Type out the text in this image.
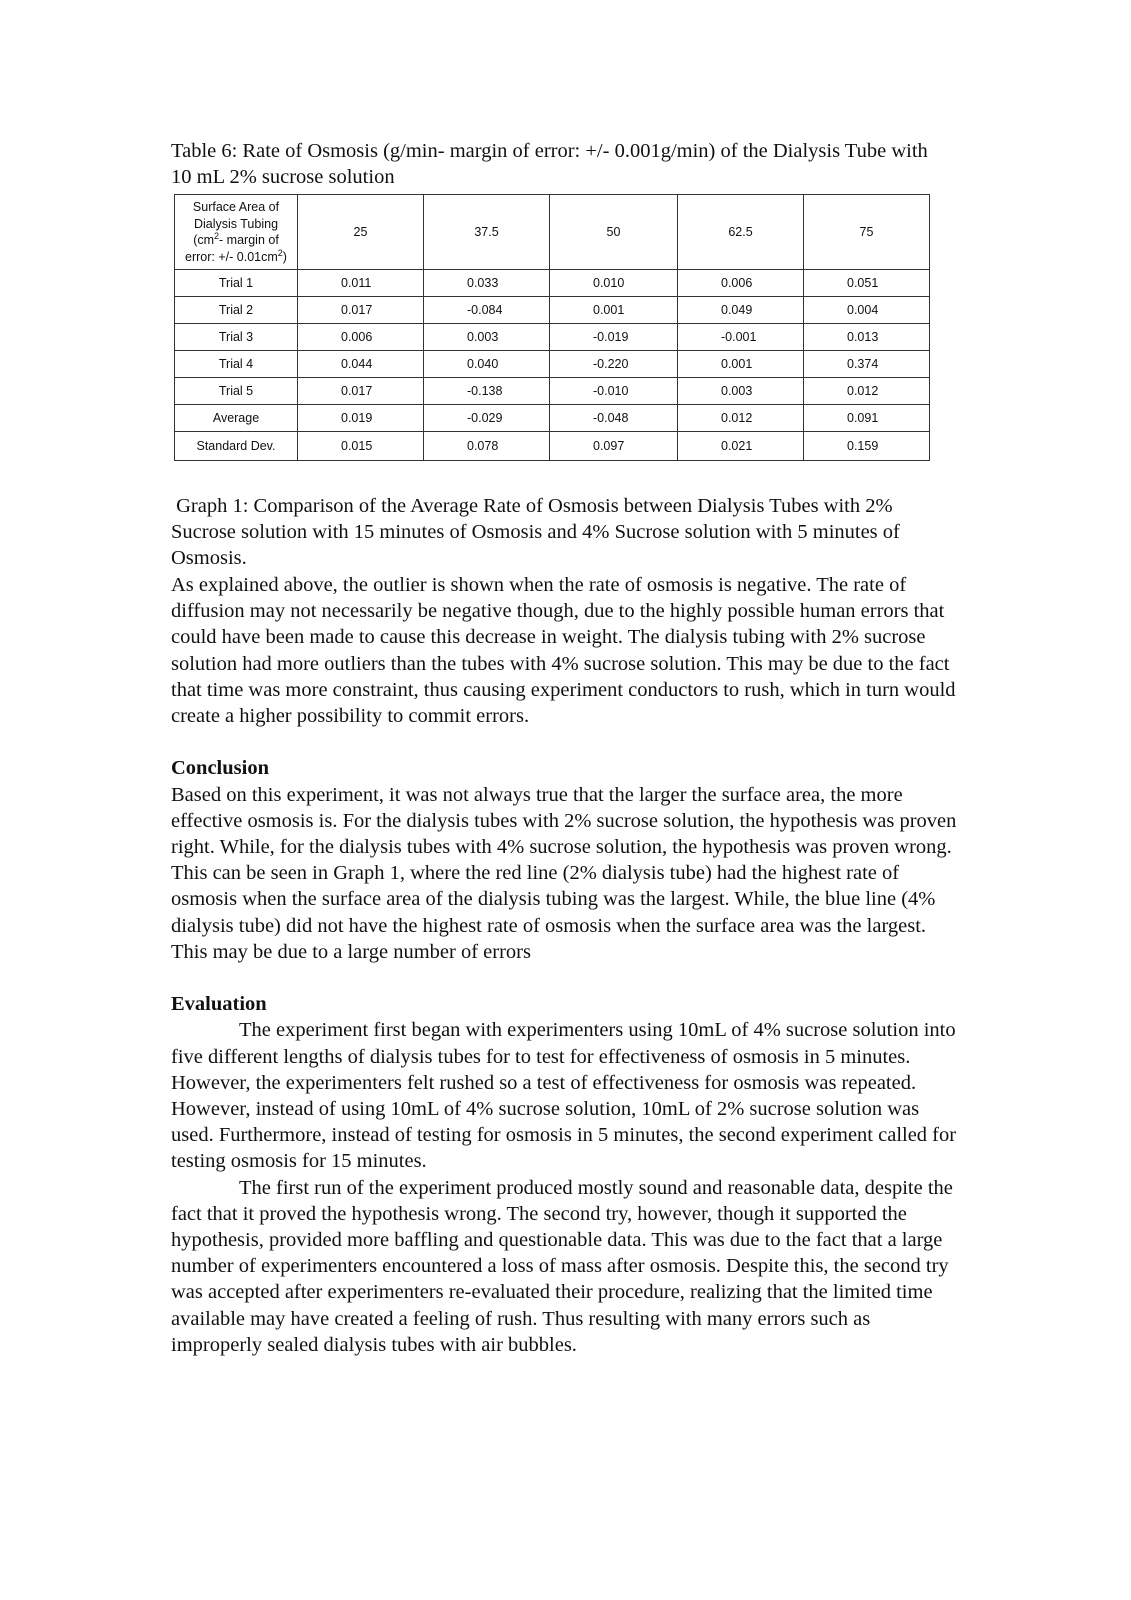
Table 6: Rate of Osmosis (g/min- margin of error: +/- 0.001g/min) of the Dialysis Tube with 10 mL 2% sucrose solution

Surface Area of
Dialysis Tubing
($cm^2-$ margin of
error: +/- $0.01cm^2$)	25	37.5	50	62.5	75
Trial 1	0.011	0.033	0.010	0.006	0.051
Trial 2	0.017	-0.084	0.001	0.049	0.004
Trial 3	0.006	0.003	-0.019	-0.001	0.013
Trial 4	0.044	0.040	-0.220	0.001	0.374
Trial 5	0.017	-0.138	-0.010	0.003	0.012
Average	0.019	-0.029	-0.048	0.012	0.091
Standard Dev.	0.015	0.078	0.097	0.021	0.159

Graph 1: Comparison of the Average Rate of Osmosis between Dialysis Tubes with 2% Sucrose solution with 15 minutes of Osmosis and 4% Sucrose solution with 5 minutes of Osmosis.

As explained above, the outlier is shown when the rate of osmosis is negative. The rate of diffusion may not necessarily be negative though, due to the highly possible human errors that could have been made to cause this decrease in weight. The dialysis tubing with 2% sucrose solution had more outliers than the tubes with 4% sucrose solution. This may be due to the fact that time was more constraint, thus causing experiment conductors to rush, which in turn would create a higher possibility to commit errors.

Conclusion

Based on this experiment, it was not always true that the larger the surface area, the more effective osmosis is. For the dialysis tubes with 2% sucrose solution, the hypothesis was proven right. While, for the dialysis tubes with 4% sucrose solution, the hypothesis was proven wrong. This can be seen in Graph 1, where the red line (2% dialysis tube) had the highest rate of osmosis when the surface area of the dialysis tubing was the largest. While, the blue line (4% dialysis tube) did not have the highest rate of osmosis when the surface area was the largest. This may be due to a large number of errors

Evaluation

The experiment first began with experimenters using 10mL of 4% sucrose solution into five different lengths of dialysis tubes for to test for effectiveness of osmosis in 5 minutes. However, the experimenters felt rushed so a test of effectiveness for osmosis was repeated. However, instead of using 10mL of 4% sucrose solution, 10mL of 2% sucrose solution was used. Furthermore, instead of testing for osmosis in 5 minutes, the second experiment called for testing osmosis for 15 minutes.

The first run of the experiment produced mostly sound and reasonable data, despite the fact that it proved the hypothesis wrong. The second try, however, though it supported the hypothesis, provided more baffling and questionable data. This was due to the fact that a large number of experimenters encountered a loss of mass after osmosis. Despite this, the second try was accepted after experimenters re-evaluated their procedure, realizing that the limited time available may have created a feeling of rush. Thus resulting with many errors such as improperly sealed dialysis tubes with air bubbles.
